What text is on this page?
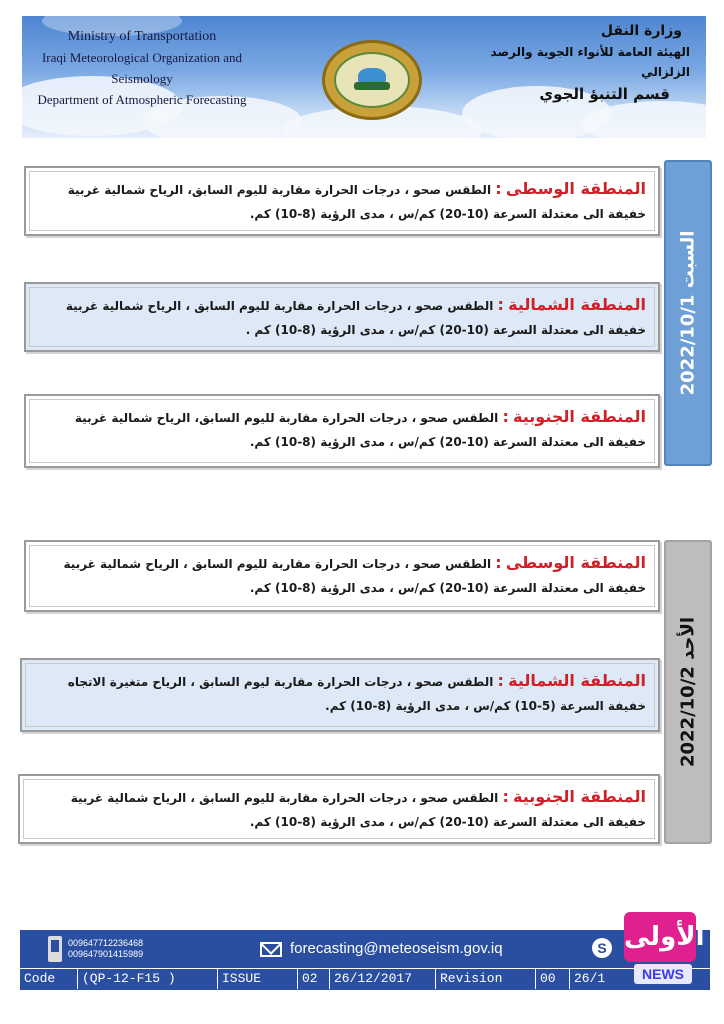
Ministry of Transportation
Iraqi Meteorological Organization and Seismology
Department of Atmospheric Forecasting
وزارة النقل
الهيئة العامة للأنواء الجوية والرصد الزلزالي
قسم التنبؤ الجوي
السبت 2022/10/1
المنطقة الوسطى : الطقس صحو ، درجات الحرارة مقاربة لليوم السابق، الرياح شمالية غربية خفيفة الى معتدلة السرعة (10-20) كم/س ، مدى الرؤية (8-10) كم.
المنطقة الشمالية : الطقس صحو ، درجات الحرارة مقاربة لليوم السابق ، الرياح شمالية غربية خفيفة الى معتدلة السرعة (10-20) كم/س ، مدى الرؤية (8-10) كم .
المنطقة الجنوبية : الطقس صحو ، درجات الحرارة مقاربة لليوم السابق، الرياح شمالية غربية خفيفة الى معتدلة السرعة (10-20) كم/س ، مدى الرؤية (8-10) كم.
الأحد 2022/10/2
المنطقة الوسطى : الطقس صحو ، درجات الحرارة مقاربة لليوم السابق ، الرياح شمالية غربية خفيفة الى معتدلة السرعة (10-20) كم/س ، مدى الرؤية (8-10) كم.
المنطقة الشمالية : الطقس صحو ، درجات الحرارة مقاربة ليوم السابق ، الرياح متغيرة الاتجاه خفيفة السرعة (5-10) كم/س ، مدى الرؤية (8-10) كم.
المنطقة الجنوبية : الطقس صحو ، درجات الحرارة مقاربة لليوم السابق ، الرياح شمالية غربية خفيفة الى معتدلة السرعة (10-20) كم/س ، مدى الرؤية (8-10) كم.
009647712236468
009647901415989	forecasting@meteoseism.gov.iq	S
Code	(QP-12-F15 )	ISSUE	02	26/12/2017	Revision	00	26/1
الأولى
NEWS
